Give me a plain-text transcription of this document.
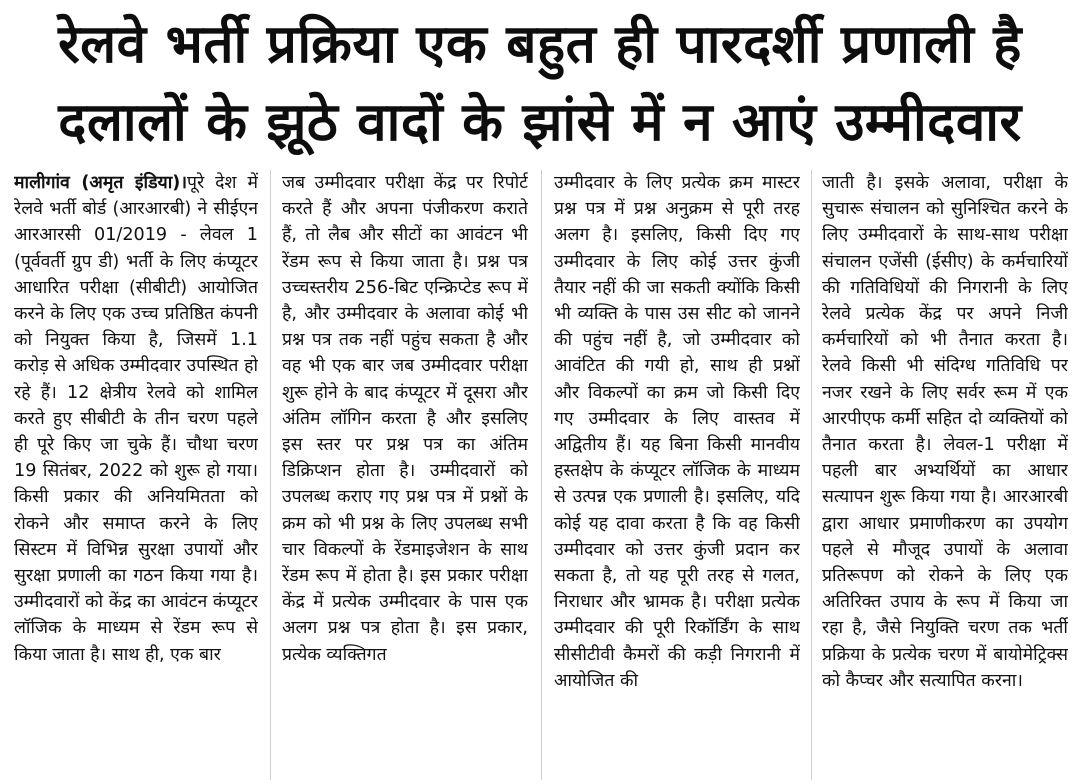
रेलवे भर्ती प्रक्रिया एक बहुत ही पारदर्शी प्रणाली है
दलालों के झूठे वादों के झांसे में न आएं उम्मीदवार

मालीगांव (अमृत इंडिया)।पूरे देश में रेलवे भर्ती बोर्ड (आरआरबी) ने सीईएन आरआरसी 01/2019 - लेवल 1 (पूर्ववर्ती ग्रुप डी) भर्ती के लिए कंप्यूटर आधारित परीक्षा (सीबीटी) आयोजित करने के लिए एक उच्च प्रतिष्ठित कंपनी को नियुक्त किया है, जिसमें 1.1 करोड़ से अधिक उम्मीदवार उपस्थित हो रहे हैं। 12 क्षेत्रीय रेलवे को शामिल करते हुए सीबीटी के तीन चरण पहले ही पूरे किए जा चुके हैं। चौथा चरण 19 सितंबर, 2022 को शुरू हो गया। किसी प्रकार की अनियमितता को रोकने और समाप्त करने के लिए सिस्टम में विभिन्न सुरक्षा उपायों और सुरक्षा प्रणाली का गठन किया गया है। उम्मीदवारों को केंद्र का आवंटन कंप्यूटर लॉजिक के माध्यम से रेंडम रूप से किया जाता है। साथ ही, एक बार

जब उम्मीदवार परीक्षा केंद्र पर रिपोर्ट करते हैं और अपना पंजीकरण कराते हैं, तो लैब और सीटों का आवंटन भी रेंडम रूप से किया जाता है। प्रश्न पत्र उच्चस्तरीय 256-बिट एन्क्रिप्टेड रूप में है, और उम्मीदवार के अलावा कोई भी प्रश्न पत्र तक नहीं पहुंच सकता है और वह भी एक बार जब उम्मीदवार परीक्षा शुरू होने के बाद कंप्यूटर में दूसरा और अंतिम लॉगिन करता है और इसलिए इस स्तर पर प्रश्न पत्र का अंतिम डिक्रिप्शन होता है। उम्मीदवारों को उपलब्ध कराए गए प्रश्न पत्र में प्रश्नों के क्रम को भी प्रश्न के लिए उपलब्ध सभी चार विकल्पों के रेंडमाइजेशन के साथ रेंडम रूप में होता है। इस प्रकार परीक्षा केंद्र में प्रत्येक उम्मीदवार के पास एक अलग प्रश्न पत्र होता है। इस प्रकार, प्रत्येक व्यक्तिगत

उम्मीदवार के लिए प्रत्येक क्रम मास्टर प्रश्न पत्र में प्रश्न अनुक्रम से पूरी तरह अलग है। इसलिए, किसी दिए गए उम्मीदवार के लिए कोई उत्तर कुंजी तैयार नहीं की जा सकती क्योंकि किसी भी व्यक्ति के पास उस सीट को जानने की पहुंच नहीं है, जो उम्मीदवार को आवंटित की गयी हो, साथ ही प्रश्नों और विकल्पों का क्रम जो किसी दिए गए उम्मीदवार के लिए वास्तव में अद्वितीय हैं। यह बिना किसी मानवीय हस्तक्षेप के कंप्यूटर लॉजिक के माध्यम से उत्पन्न एक प्रणाली है। इसलिए, यदि कोई यह दावा करता है कि वह किसी उम्मीदवार को उत्तर कुंजी प्रदान कर सकता है, तो यह पूरी तरह से गलत, निराधार और भ्रामक है। परीक्षा प्रत्येक उम्मीदवार की पूरी रिकॉर्डिंग के साथ सीसीटीवी कैमरों की कड़ी निगरानी में आयोजित की

जाती है। इसके अलावा, परीक्षा के सुचारू संचालन को सुनिश्चित करने के लिए उम्मीदवारों के साथ-साथ परीक्षा संचालन एजेंसी (ईसीए) के कर्मचारियों की गतिविधियों की निगरानी के लिए रेलवे प्रत्येक केंद्र पर अपने निजी कर्मचारियों को भी तैनात करता है। रेलवे किसी भी संदिग्ध गतिविधि पर नजर रखने के लिए सर्वर रूम में एक आरपीएफ कर्मी सहित दो व्यक्तियों को तैनात करता है। लेवल-1 परीक्षा में पहली बार अभ्यर्थियों का आधार सत्यापन शुरू किया गया है। आरआरबी द्वारा आधार प्रमाणीकरण का उपयोग पहले से मौजूद उपायों के अलावा प्रतिरूपण को रोकने के लिए एक अतिरिक्त उपाय के रूप में किया जा रहा है, जैसे नियुक्ति चरण तक भर्ती प्रक्रिया के प्रत्येक चरण में बायोमेट्रिक्स को कैप्चर और सत्यापित करना।
